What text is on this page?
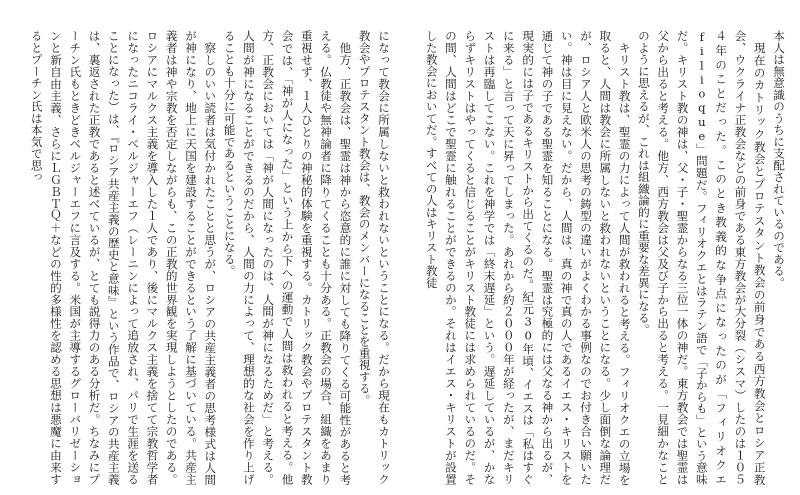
本人は無意識のうちに支配されているのである。
現在のカトリック教会とプロテスタント教会の前身である西方教会とロシア正教会、ウクライナ正教会などの前身である東方教会が大分裂（シスマ）したのは１０５４年のことだった。このとき教義的な争点になったのが「フィリオクエ filioque」問題だ。フィリオクエとはラテン語で「子からも」という意味だ。キリスト教の神は、父・子・聖霊からなる三位一体の神だ。東方教会では聖霊は父から出ると考える。他方、西方教会は父及び子から出ると考える。一見細かなことのように思えるが、これは組織論的に重要な差異になる。
キリスト教は、聖霊の力によって人間が救われると考える。フィリオクエの立場を取ると、人間は教会に所属しないと救われないということになる。少し面倒な論理だが、ロシア人と欧米人の思考の鋳型の違いがよくわかる事例なのでお付き合い願いたい。神は目に見えない。だから、人間は、真の神で真の人であるイエス・キリストを通じて神の子である聖霊を知ることになる。聖霊は究極的には父なる神から出るが、現実的には子であるキリストから出てくるのだ。紀元30年頃、イエスは「私はすぐに来る」と言って天に昇ってしまった。あれから約２０００年が経ったが、まだキリストは再臨してこない。これを神学では「終末遅延」という。遅延しているが、かならずキリストはやってくると信じることがキリスト教徒には求められているのだ。その間、人間はどこで聖霊に触れることができるのか。それはイエス・キリストが設置した教会においてだ。すべての人はキリスト教徒
になって教会に所属しないと救われないということになる。だから現在もカトリック教会やプロテスタント教会は、教会のメンバーになることを重視する。
他方、正教会は、聖霊は神から恣意的に誰に対しても降りてくる可能性があると考える。仏教徒や無神論者に降りてくることも十分ある。正教会の場合、組織をあまり重視せず、１人ひとりの神秘的体験を重視する。カトリック教会やプロテスタント教会では、「神が人になった」という上から下への運動で人間は救われると考える。他方、正教会においては「神が人間になったのは、人間が神になるためだ」と考える。人間が神になることができるのだから、人間の力によって、理想的な社会を作り上げることも十分に可能であるということになる。
察しのいい読者は気付かれたことと思うが、ロシアの共産主義者の思考様式は人間が神になり、地上に天国を建設することができるという了解に基づいている。共産主義者は神や宗教を否定しながらも、この正教的世界観を実現しようとしたのである。ロシアにマルクス主義を導入した１人であり、後にマルクス主義を捨てて宗教哲学者になったニコライ・ベルジャーエフ（レーニンによって追放され、パリで生涯を送ることになった）は、『ロシア共産主義の歴史と意味』という作品で、ロシアの共産主義は、裏返された正教であると述べているが、とても説得力のある分析だ。ちなみにプーチン氏もときどきベルジャーエフに言及する。米国が主導するグローバリゼーションと新自由主義、さらにＬＧＢＴＱ＋などの性的多様性を認める思想は悪魔に由来するとプーチン氏は本気で思っ
